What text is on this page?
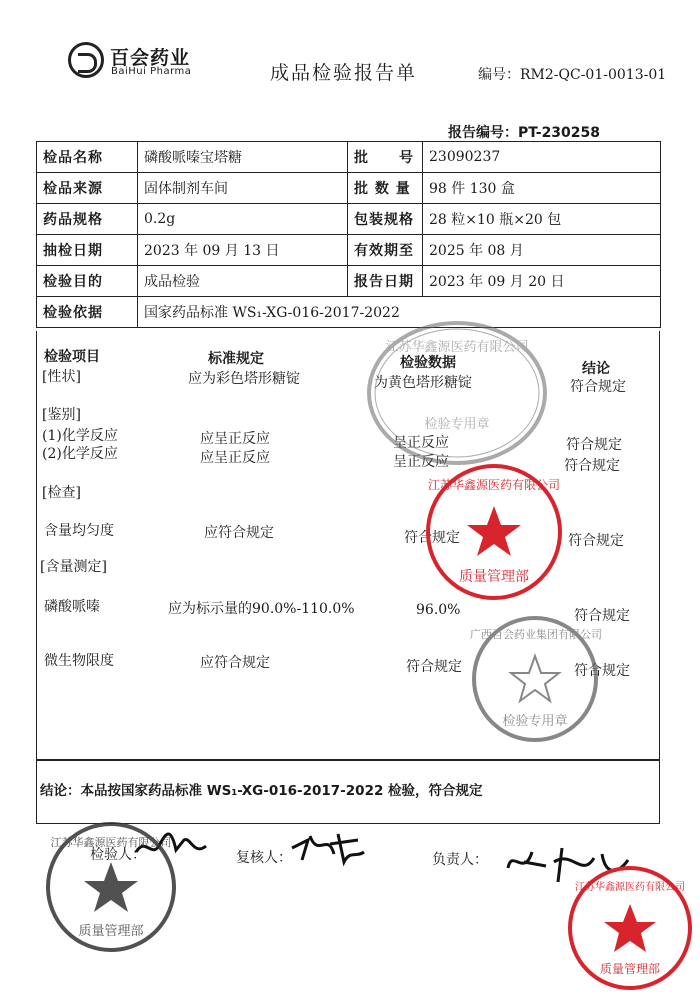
百会药业
BaiHui Pharma	成品检验报告单	编号：RM2-QC-01-0013-01
报告编号：PT-230258
检品名称	磷酸哌嗪宝塔糖	批　　号	23090237
检品来源	固体制剂车间	批 数 量	98 件 130 盒
药品规格	0.2g	包装规格	28 粒×10 瓶×20 包
抽检日期	2023 年 09 月 13 日	有效期至	2025 年 08 月
检验目的	成品检验	报告日期	2023 年 09 月 20 日
检验依据	国家药品标准 WS₁-XG-016-2017-2022		
检验项目	标准规定	检验数据	结论
[性状]	应为彩色塔形糖锭	为黄色塔形糖锭	符合规定
[鉴别]
(1)化学反应	应呈正反应	呈正反应	符合规定
(2)化学反应	应呈正反应	呈正反应	符合规定
[检查]
含量均匀度	应符合规定	符合规定	符合规定
[含量测定]
磷酸哌嗪	应为标示量的90.0%-110.0%	96.0%	符合规定
微生物限度	应符合规定	符合规定	符合规定
结论：本品按国家药品标准 WS₁-XG-016-2017-2022 检验，符合规定
检验人：	复核人：	负责人：
江苏华鑫源医药有限公司
检验专用章
江苏华鑫源医药有限公司
质量管理部
广西百会药业集团有限公司
检验专用章
江苏华鑫源医药有限公司
质量管理部
江苏华鑫源医药有限公司
质量管理部
